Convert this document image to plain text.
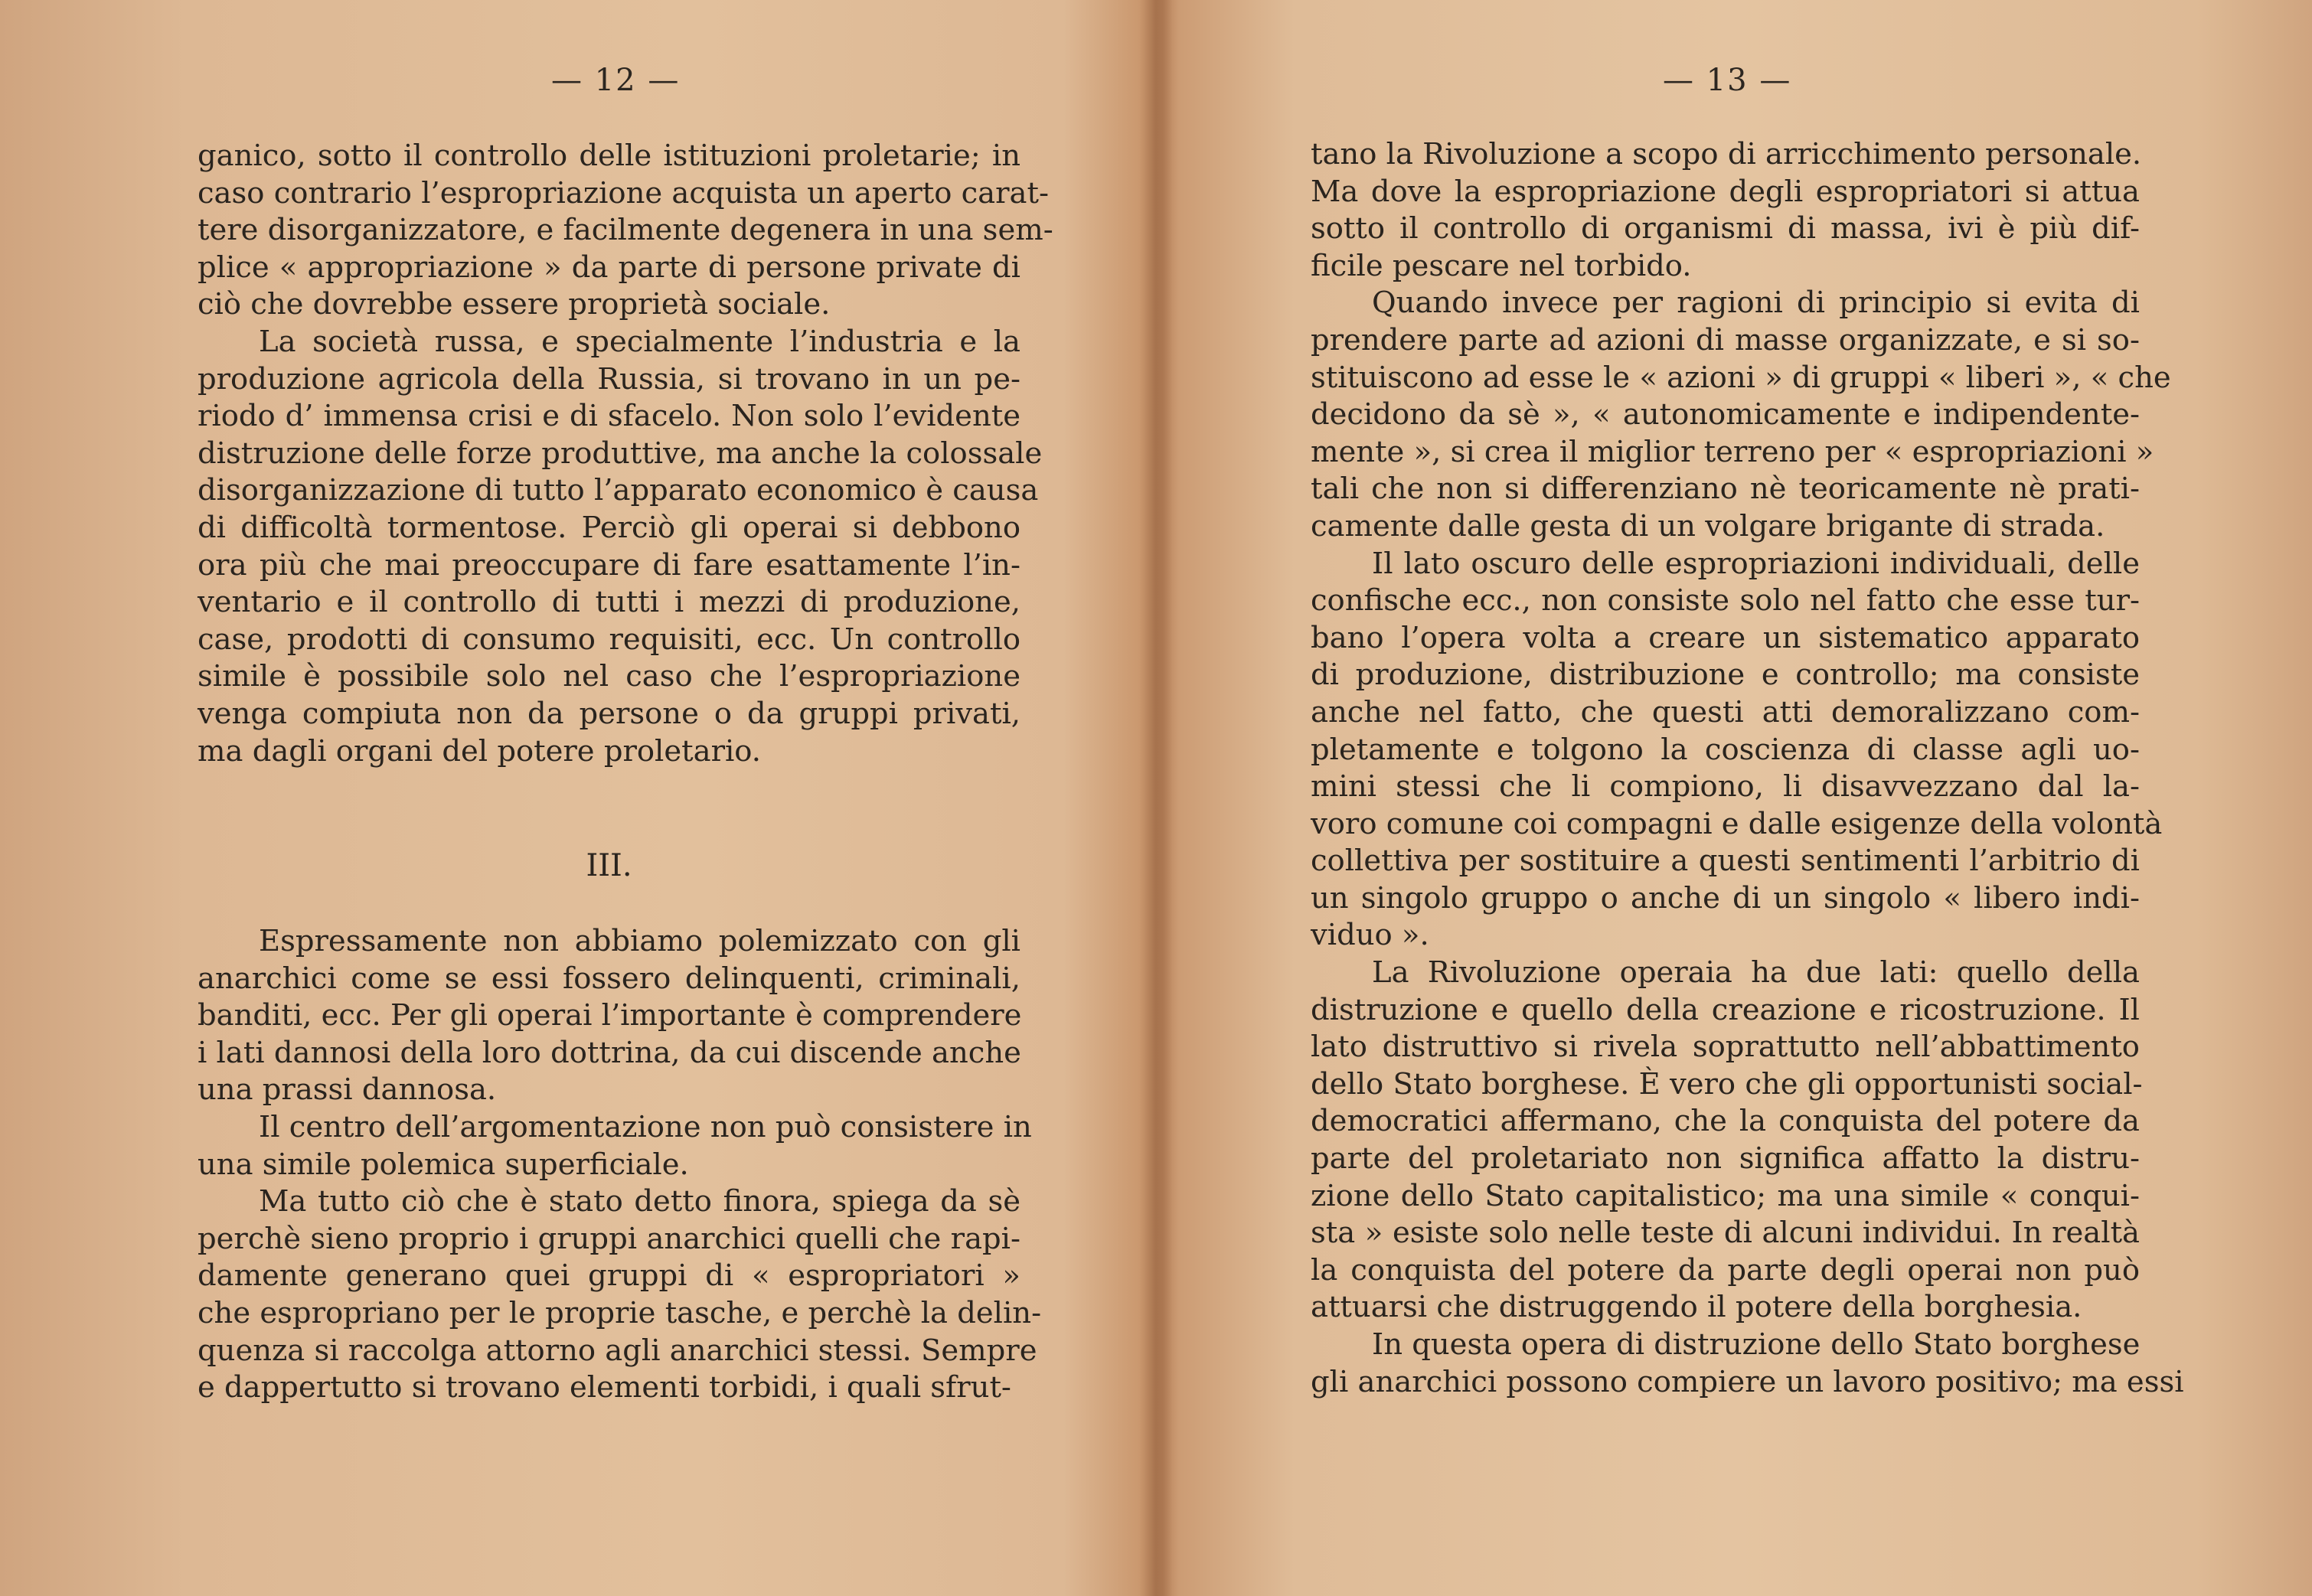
— 12 —
ganico, sotto il controllo delle istituzioni proletarie; in
caso contrario l’espropriazione acquista un aperto carat-
tere disorganizzatore, e facilmente degenera in una sem-
plice « appropriazione » da parte di persone private di
ciò che dovrebbe essere proprietà sociale.
La società russa, e specialmente l’industria e la
produzione agricola della Russia, si trovano in un pe-
riodo d’ immensa crisi e di sfacelo. Non solo l’evidente
distruzione delle forze produttive, ma anche la colossale
disorganizzazione di tutto l’apparato economico è causa
di difficoltà tormentose. Perciò gli operai si debbono
ora più che mai preoccupare di fare esattamente l’in-
ventario e il controllo di tutti i mezzi di produzione,
case, prodotti di consumo requisiti, ecc. Un controllo
simile è possibile solo nel caso che l’espropriazione
venga compiuta non da persone o da gruppi privati,
ma dagli organi del potere proletario.
III.
Espressamente non abbiamo polemizzato con gli
anarchici come se essi fossero delinquenti, criminali,
banditi, ecc. Per gli operai l’importante è comprendere
i lati dannosi della loro dottrina, da cui discende anche
una prassi dannosa.
Il centro dell’argomentazione non può consistere in
una simile polemica superficiale.
Ma tutto ciò che è stato detto finora, spiega da sè
perchè sieno proprio i gruppi anarchici quelli che rapi-
damente generano quei gruppi di « espropriatori »
che espropriano per le proprie tasche, e perchè la delin-
quenza si raccolga attorno agli anarchici stessi. Sempre
e dappertutto si trovano elementi torbidi, i quali sfrut-
— 13 —
tano la Rivoluzione a scopo di arricchimento personale.
Ma dove la espropriazione degli espropriatori si attua
sotto il controllo di organismi di massa, ivi è più dif-
ficile pescare nel torbido.
Quando invece per ragioni di principio si evita di
prendere parte ad azioni di masse organizzate, e si so-
stituiscono ad esse le « azioni » di gruppi « liberi », « che
decidono da sè », « autonomicamente e indipendente-
mente », si crea il miglior terreno per « espropriazioni »
tali che non si differenziano nè teoricamente nè prati-
camente dalle gesta di un volgare brigante di strada.
Il lato oscuro delle espropriazioni individuali, delle
confische ecc., non consiste solo nel fatto che esse tur-
bano l’opera volta a creare un sistematico apparato
di produzione, distribuzione e controllo; ma consiste
anche nel fatto, che questi atti demoralizzano com-
pletamente e tolgono la coscienza di classe agli uo-
mini stessi che li compiono, li disavvezzano dal la-
voro comune coi compagni e dalle esigenze della volontà
collettiva per sostituire a questi sentimenti l’arbitrio di
un singolo gruppo o anche di un singolo « libero indi-
viduo ».
La Rivoluzione operaia ha due lati: quello della
distruzione e quello della creazione e ricostruzione. Il
lato distruttivo si rivela soprattutto nell’abbattimento
dello Stato borghese. È vero che gli opportunisti social-
democratici affermano, che la conquista del potere da
parte del proletariato non significa affatto la distru-
zione dello Stato capitalistico; ma una simile « conqui-
sta » esiste solo nelle teste di alcuni individui. In realtà
la conquista del potere da parte degli operai non può
attuarsi che distruggendo il potere della borghesia.
In questa opera di distruzione dello Stato borghese
gli anarchici possono compiere un lavoro positivo; ma essi
